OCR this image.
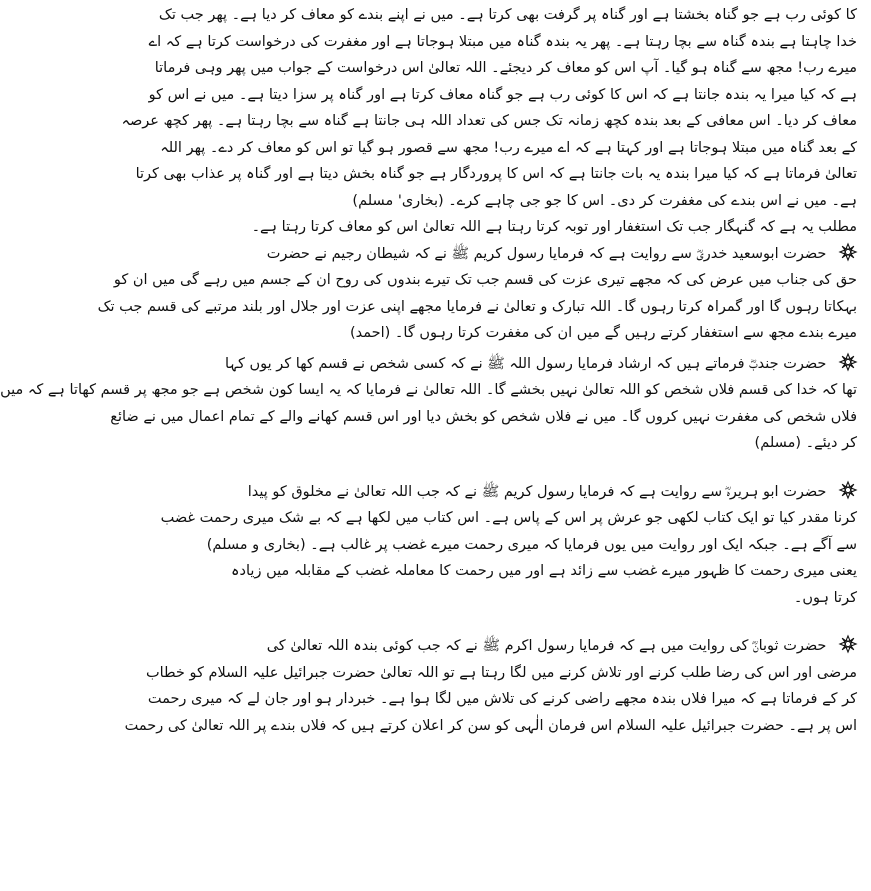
کا کوئی رب ہے جو گناہ بخشتا ہے اور گناہ پر گرفت بھی کرتا ہے۔ میں نے اپنے بندے کو معاف کر دیا ہے۔ پھر جب تک
خدا چاہتا ہے بندہ گناہ سے بچا رہتا ہے۔ پھر یہ بندہ گناہ میں مبتلا ہوجاتا ہے اور مغفرت کی درخواست کرتا ہے کہ اے
میرے رب! مجھ سے گناہ ہو گیا۔ آپ اس کو معاف کر دیجئے۔ اللہ تعالیٰ اس درخواست کے جواب میں پھر وہی فرماتا
ہے کہ کیا میرا یہ بندہ جانتا ہے کہ اس کا کوئی رب ہے جو گناہ معاف کرتا ہے اور گناہ پر سزا دیتا ہے۔ میں نے اس کو
معاف کر دیا۔ اس معافی کے بعد بندہ کچھ زمانہ تک جس کی تعداد اللہ ہی جانتا ہے گناہ سے بچا رہتا ہے۔ پھر کچھ عرصہ
کے بعد گناہ میں مبتلا ہوجاتا ہے اور کہتا ہے کہ اے میرے رب! مجھ سے قصور ہو گیا تو اس کو معاف کر دے۔ پھر اللہ
تعالیٰ فرماتا ہے کہ کیا میرا بندہ یہ بات جانتا ہے کہ اس کا پروردگار ہے جو گناہ بخش دیتا ہے اور گناہ پر عذاب بھی کرتا
ہے۔ میں نے اس بندے کی مغفرت کر دی۔ اس کا جو جی چاہے کرے۔ (بخاری' مسلم)
مطلب یہ ہے کہ گنہگار جب تک استغفار اور توبہ کرتا رہتا ہے اللہ تعالیٰ اس کو معاف کرتا رہتا ہے۔
حضرت ابوسعید خدریؓ سے روایت ہے کہ فرمایا رسول کریم ﷺ نے کہ شیطان رجیم نے حضرت
حق کی جناب میں عرض کی کہ مجھے تیری عزت کی قسم جب تک تیرے بندوں کی روح ان کے جسم میں رہے گی میں ان کو
بہکاتا رہوں گا اور گمراہ کرتا رہوں گا۔ اللہ تبارک و تعالیٰ نے فرمایا مجھے اپنی عزت اور جلال اور بلند مرتبے کی قسم جب تک
میرے بندے مجھ سے استغفار کرتے رہیں گے میں ان کی مغفرت کرتا رہوں گا۔ (احمد)
حضرت جندبؓ فرماتے ہیں کہ ارشاد فرمایا رسول اللہ ﷺ نے کہ کسی شخص نے قسم کھا کر یوں کہا
تھا کہ خدا کی قسم فلاں شخص کو اللہ تعالیٰ نہیں بخشے گا۔ اللہ تعالیٰ نے فرمایا کہ یہ ایسا کون شخص ہے جو مجھ پر قسم کھاتا ہے کہ میں
فلاں شخص کی مغفرت نہیں کروں گا۔ میں نے فلاں شخص کو بخش دیا اور اس قسم کھانے والے کے تمام اعمال میں نے ضائع
کر دیئے۔ (مسلم)
حضرت ابو ہریرہؓ سے روایت ہے کہ فرمایا رسول کریم ﷺ نے کہ جب اللہ تعالیٰ نے مخلوق کو پیدا
کرنا مقدر کیا تو ایک کتاب لکھی جو عرش پر اس کے پاس ہے۔ اس کتاب میں لکھا ہے کہ بے شک میری رحمت غضب
سے آگے ہے۔ جبکہ ایک اور روایت میں یوں فرمایا کہ میری رحمت میرے غضب پر غالب ہے۔ (بخاری و مسلم)
یعنی میری رحمت کا ظہور میرے غضب سے زائد ہے اور میں رحمت کا معاملہ غضب کے مقابلہ میں زیادہ
کرتا ہوں۔
حضرت ثوبانؓ کی روایت میں ہے کہ فرمایا رسول اکرم ﷺ نے کہ جب کوئی بندہ اللہ تعالیٰ کی
مرضی اور اس کی رضا طلب کرنے اور تلاش کرنے میں لگا رہتا ہے تو اللہ تعالیٰ حضرت جبرائیل علیہ السلام کو خطاب
کر کے فرماتا ہے کہ میرا فلاں بندہ مجھے راضی کرنے کی تلاش میں لگا ہوا ہے۔ خبردار ہو اور جان لے کہ میری رحمت
اس پر ہے۔ حضرت جبرائیل علیہ السلام اس فرمان الٰہی کو سن کر اعلان کرتے ہیں کہ فلاں بندے پر اللہ تعالیٰ کی رحمت
